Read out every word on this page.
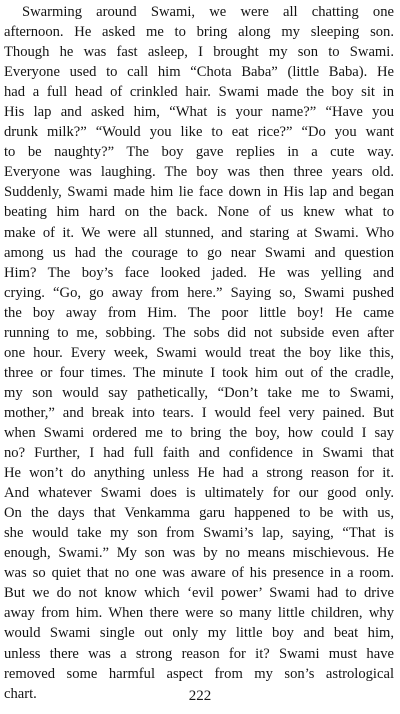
Swarming around Swami, we were all chatting one
afternoon. He asked me to bring along my sleeping son.
Though he was fast asleep, I brought my son to Swami.
Everyone used to call him “Chota Baba” (little Baba). He
had a full head of crinkled hair. Swami made the boy sit in
His lap and asked him, “What is your name?” “Have you
drunk milk?” “Would you like to eat rice?” “Do you want
to be naughty?” The boy gave replies in a cute way.
Everyone was laughing. The boy was then three years old.
Suddenly, Swami made him lie face down in His lap and began
beating him hard on the back. None of us knew what to
make of it. We were all stunned, and staring at Swami. Who
among us had the courage to go near Swami and question
Him? The boy’s face looked jaded. He was yelling and
crying. “Go, go away from here.” Saying so, Swami pushed
the boy away from Him. The poor little boy! He came
running to me, sobbing. The sobs did not subside even after
one hour. Every week, Swami would treat the boy like this,
three or four times. The minute I took him out of the cradle,
my son would say pathetically, “Don’t take me to Swami,
mother,” and break into tears. I would feel very pained. But
when Swami ordered me to bring the boy, how could I say
no? Further, I had full faith and confidence in Swami that
He won’t do anything unless He had a strong reason for it.
And whatever Swami does is ultimately for our good only.
On the days that Venkamma garu happened to be with us,
she would take my son from Swami’s lap, saying, “That is
enough, Swami.” My son was by no means mischievous. He
was so quiet that no one was aware of his presence in a room.
But we do not know which ‘evil power’ Swami had to drive
away from him. When there were so many little children, why
would Swami single out only my little boy and beat him,
unless there was a strong reason for it? Swami must have
removed some harmful aspect from my son’s astrological
chart.	222
